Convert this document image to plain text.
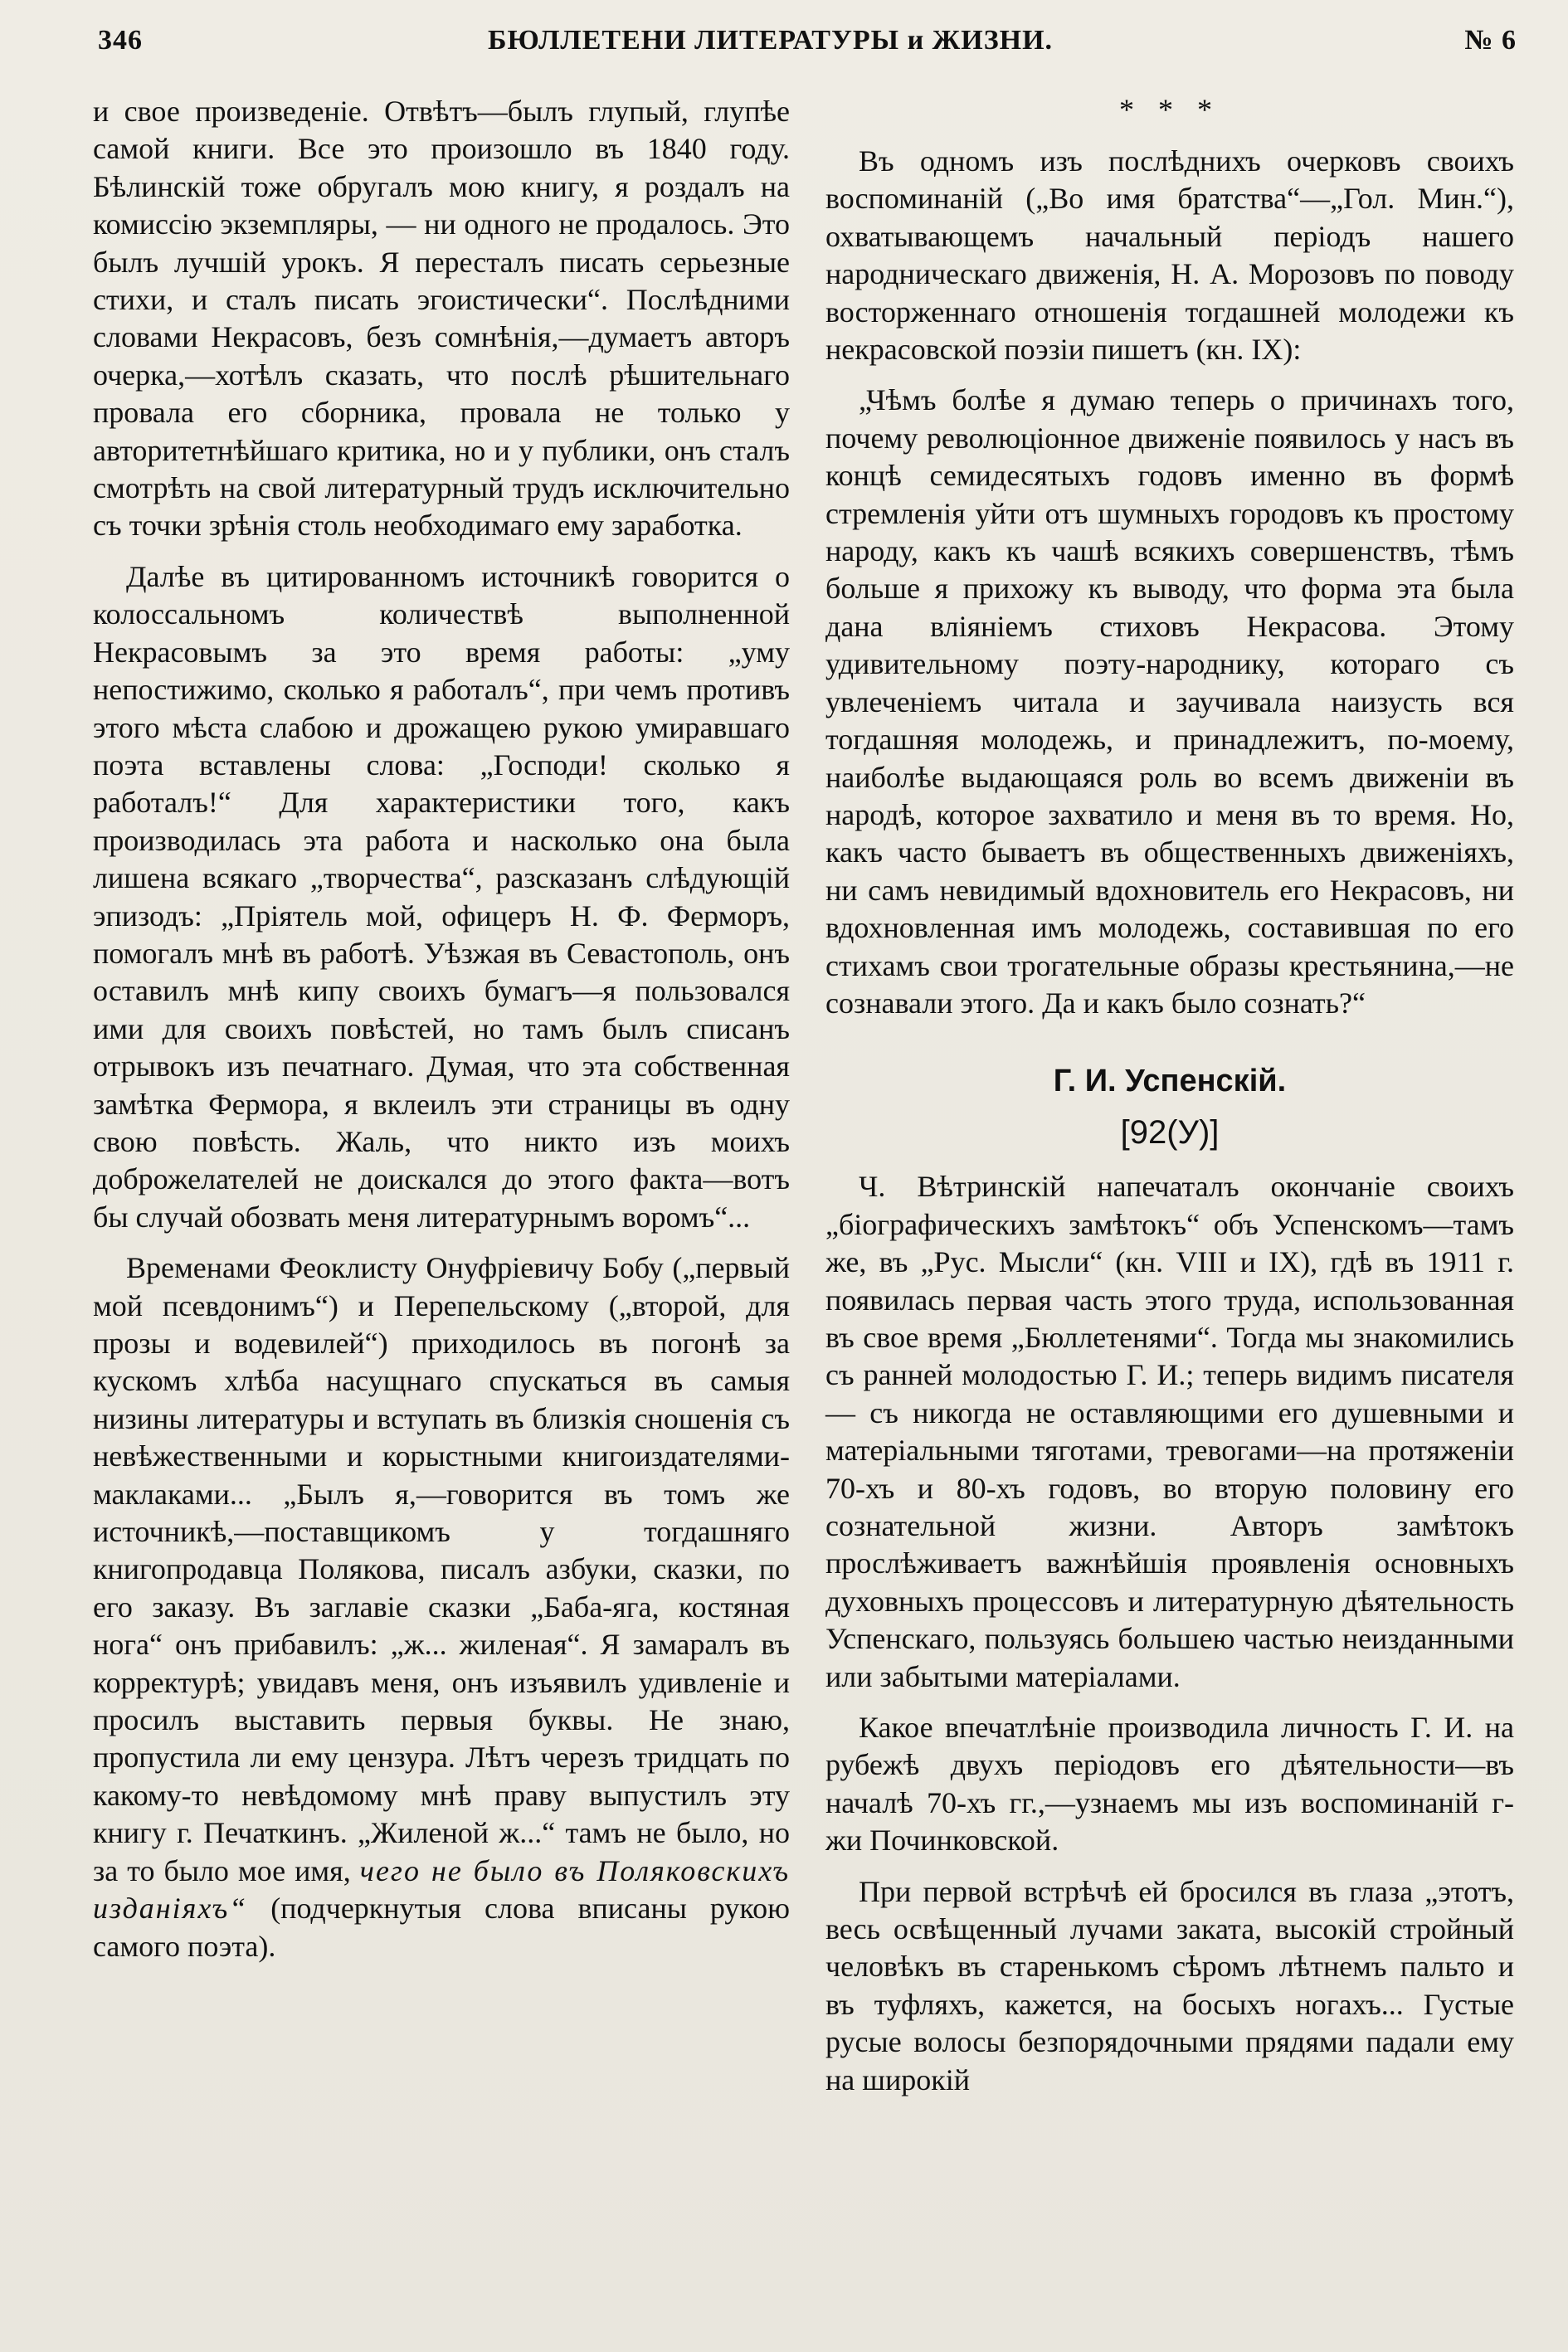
346	БЮЛЛЕТЕНИ ЛИТЕРАТУРЫ и ЖИЗНИ.	№ 6

и свое произведеніе. Отвѣтъ—былъ глупый, глупѣе самой книги. Все это произошло въ 1840 году. Бѣлинскій тоже обругалъ мою книгу, я роздалъ на комиссію экземпляры, — ни одного не продалось. Это былъ лучшій урокъ. Я пересталъ писать серьезные стихи, и сталъ писать эгоистически“. Послѣдними словами Некрасовъ, безъ сомнѣнія,—думаетъ авторъ очерка,—хотѣлъ сказать, что послѣ рѣшительнаго провала его сборника, провала не только у авторитетнѣйшаго критика, но и у публики, онъ сталъ смотрѣть на свой литературный трудъ исключительно съ точки зрѣнія столь необходимаго ему заработка.

Далѣе въ цитированномъ источникѣ говорится о колоссальномъ количествѣ выполненной Некрасовымъ за это время работы: „уму непостижимо, сколько я работалъ“, при чемъ противъ этого мѣста слабою и дрожащею рукою умиравшаго поэта вставлены слова: „Господи! сколько я работалъ!“ Для характеристики того, какъ производилась эта работа и насколько она была лишена всякаго „творчества“, разсказанъ слѣдующій эпизодъ: „Пріятель мой, офицеръ Н. Ф. Ферморъ, помогалъ мнѣ въ работѣ. Уѣзжая въ Севастополь, онъ оставилъ мнѣ кипу своихъ бумагъ—я пользовался ими для своихъ повѣстей, но тамъ былъ списанъ отрывокъ изъ печатнаго. Думая, что эта собственная замѣтка Фермора, я вклеилъ эти страницы въ одну свою повѣсть. Жаль, что никто изъ моихъ доброжелателей не доискался до этого факта—вотъ бы случай обозвать меня литературнымъ воромъ“...

Временами Феоклисту Онуфріевичу Бобу („первый мой псевдонимъ“) и Перепельскому („второй, для прозы и водевилей“) приходилось въ погонѣ за кускомъ хлѣба насущнаго спускаться въ самыя низины литературы и вступать въ близкія сношенія съ невѣжественными и корыстными книгоиздателями-маклаками... „Былъ я,—говорится въ томъ же источникѣ,—поставщикомъ у тогдашняго книгопродавца Полякова, писалъ азбуки, сказки, по его заказу. Въ заглавіе сказки „Баба-яга, костяная нога“ онъ прибавилъ: „ж... жиленая“. Я замаралъ въ корректурѣ; увидавъ меня, онъ изъявилъ удивленіе и просилъ выставить первыя буквы. Не знаю, пропустила ли ему цензура. Лѣтъ черезъ тридцать по какому-то невѣдомому мнѣ праву выпустилъ эту книгу г. Печаткинъ. „Жиленой ж...“ тамъ не было, но за то было мое имя, чего не было въ Поляковскихъ изданіяхъ“ (подчеркнутыя слова вписаны рукою самого поэта).

* * *

Въ одномъ изъ послѣднихъ очерковъ своихъ воспоминаній („Во имя братства“—„Гол. Мин.“), охватывающемъ начальный періодъ нашего народническаго движенія, Н. А. Морозовъ по поводу восторженнаго отношенія тогдашней молодежи къ некрасовской поэзіи пишетъ (кн. IX):

„Чѣмъ болѣе я думаю теперь о причинахъ того, почему революціонное движеніе появилось у насъ въ концѣ семидесятыхъ годовъ именно въ формѣ стремленія уйти отъ шумныхъ городовъ къ простому народу, какъ къ чашѣ всякихъ совершенствъ, тѣмъ больше я прихожу къ выводу, что форма эта была дана вліяніемъ стиховъ Некрасова. Этому удивительному поэту-народнику, котораго съ увлеченіемъ читала и заучивала наизусть вся тогдашняя молодежь, и принадлежитъ, по-моему, наиболѣе выдающаяся роль во всемъ движеніи въ народѣ, которое захватило и меня въ то время. Но, какъ часто бываетъ въ общественныхъ движеніяхъ, ни самъ невидимый вдохновитель его Некрасовъ, ни вдохновленная имъ молодежь, составившая по его стихамъ свои трогательные образы крестьянина,—не сознавали этого. Да и какъ было сознать?“

Г. И. Успенскій.
[92(У)]

Ч. Вѣтринскій напечаталъ окончаніе своихъ „біографическихъ замѣтокъ“ объ Успенскомъ—тамъ же, въ „Рус. Мысли“ (кн. VIII и IX), гдѣ въ 1911 г. появилась первая часть этого труда, использованная въ свое время „Бюллетенями“. Тогда мы знакомились съ ранней молодостью Г. И.; теперь видимъ писателя — съ никогда не оставляющими его душевными и матеріальными тяготами, тревогами—на протяженіи 70-хъ и 80-хъ годовъ, во вторую половину его сознательной жизни. Авторъ замѣтокъ прослѣживаетъ важнѣйшія проявленія основныхъ духовныхъ процессовъ и литературную дѣятельность Успенскаго, пользуясь большею частью неизданными или забытыми матеріалами.

Какое впечатлѣніе производила личность Г. И. на рубежѣ двухъ періодовъ его дѣятельности—въ началѣ 70-хъ гг.,—узнаемъ мы изъ воспоминаній г-жи Починковской.

При первой встрѣчѣ ей бросился въ глаза „этотъ, весь освѣщенный лучами заката, высокій стройный человѣкъ въ старенькомъ сѣромъ лѣтнемъ пальто и въ туфляхъ, кажется, на босыхъ ногахъ... Густые русые волосы безпорядочными прядями падали ему на широкій
